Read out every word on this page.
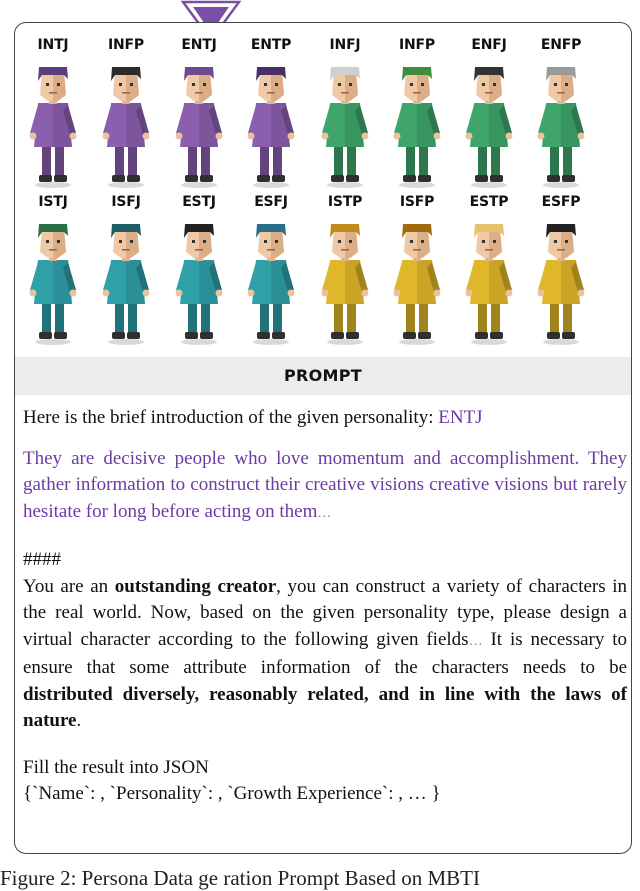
INTJ	INFP	ENTJ	ENTP	INFJ	INFP	ENFJ	ENFP
ISTJ	ISFJ	ESTJ	ESFJ	ISTP	ISFP	ESTP	ESFP
PROMPT

Here is the brief introduction of the given personality: ENTJ

They are decisive people who love momentum and accomplishment. They gather information to construct their creative visions creative visions but rarely hesitate for long before acting on them…

####

You are an outstanding creator, you can construct a variety of characters in the real world. Now, based on the given personality type, please design a virtual character according to the following given fields… It is necessary to ensure that some attribute information of the characters needs to be distributed diversely, reasonably related, and in line with the laws of nature.

Fill the result into JSON

{`Name`: , `Personality`: , `Growth Experience`: , … }

Figure 2: Persona Data ge ration Prompt Based on MBTI
